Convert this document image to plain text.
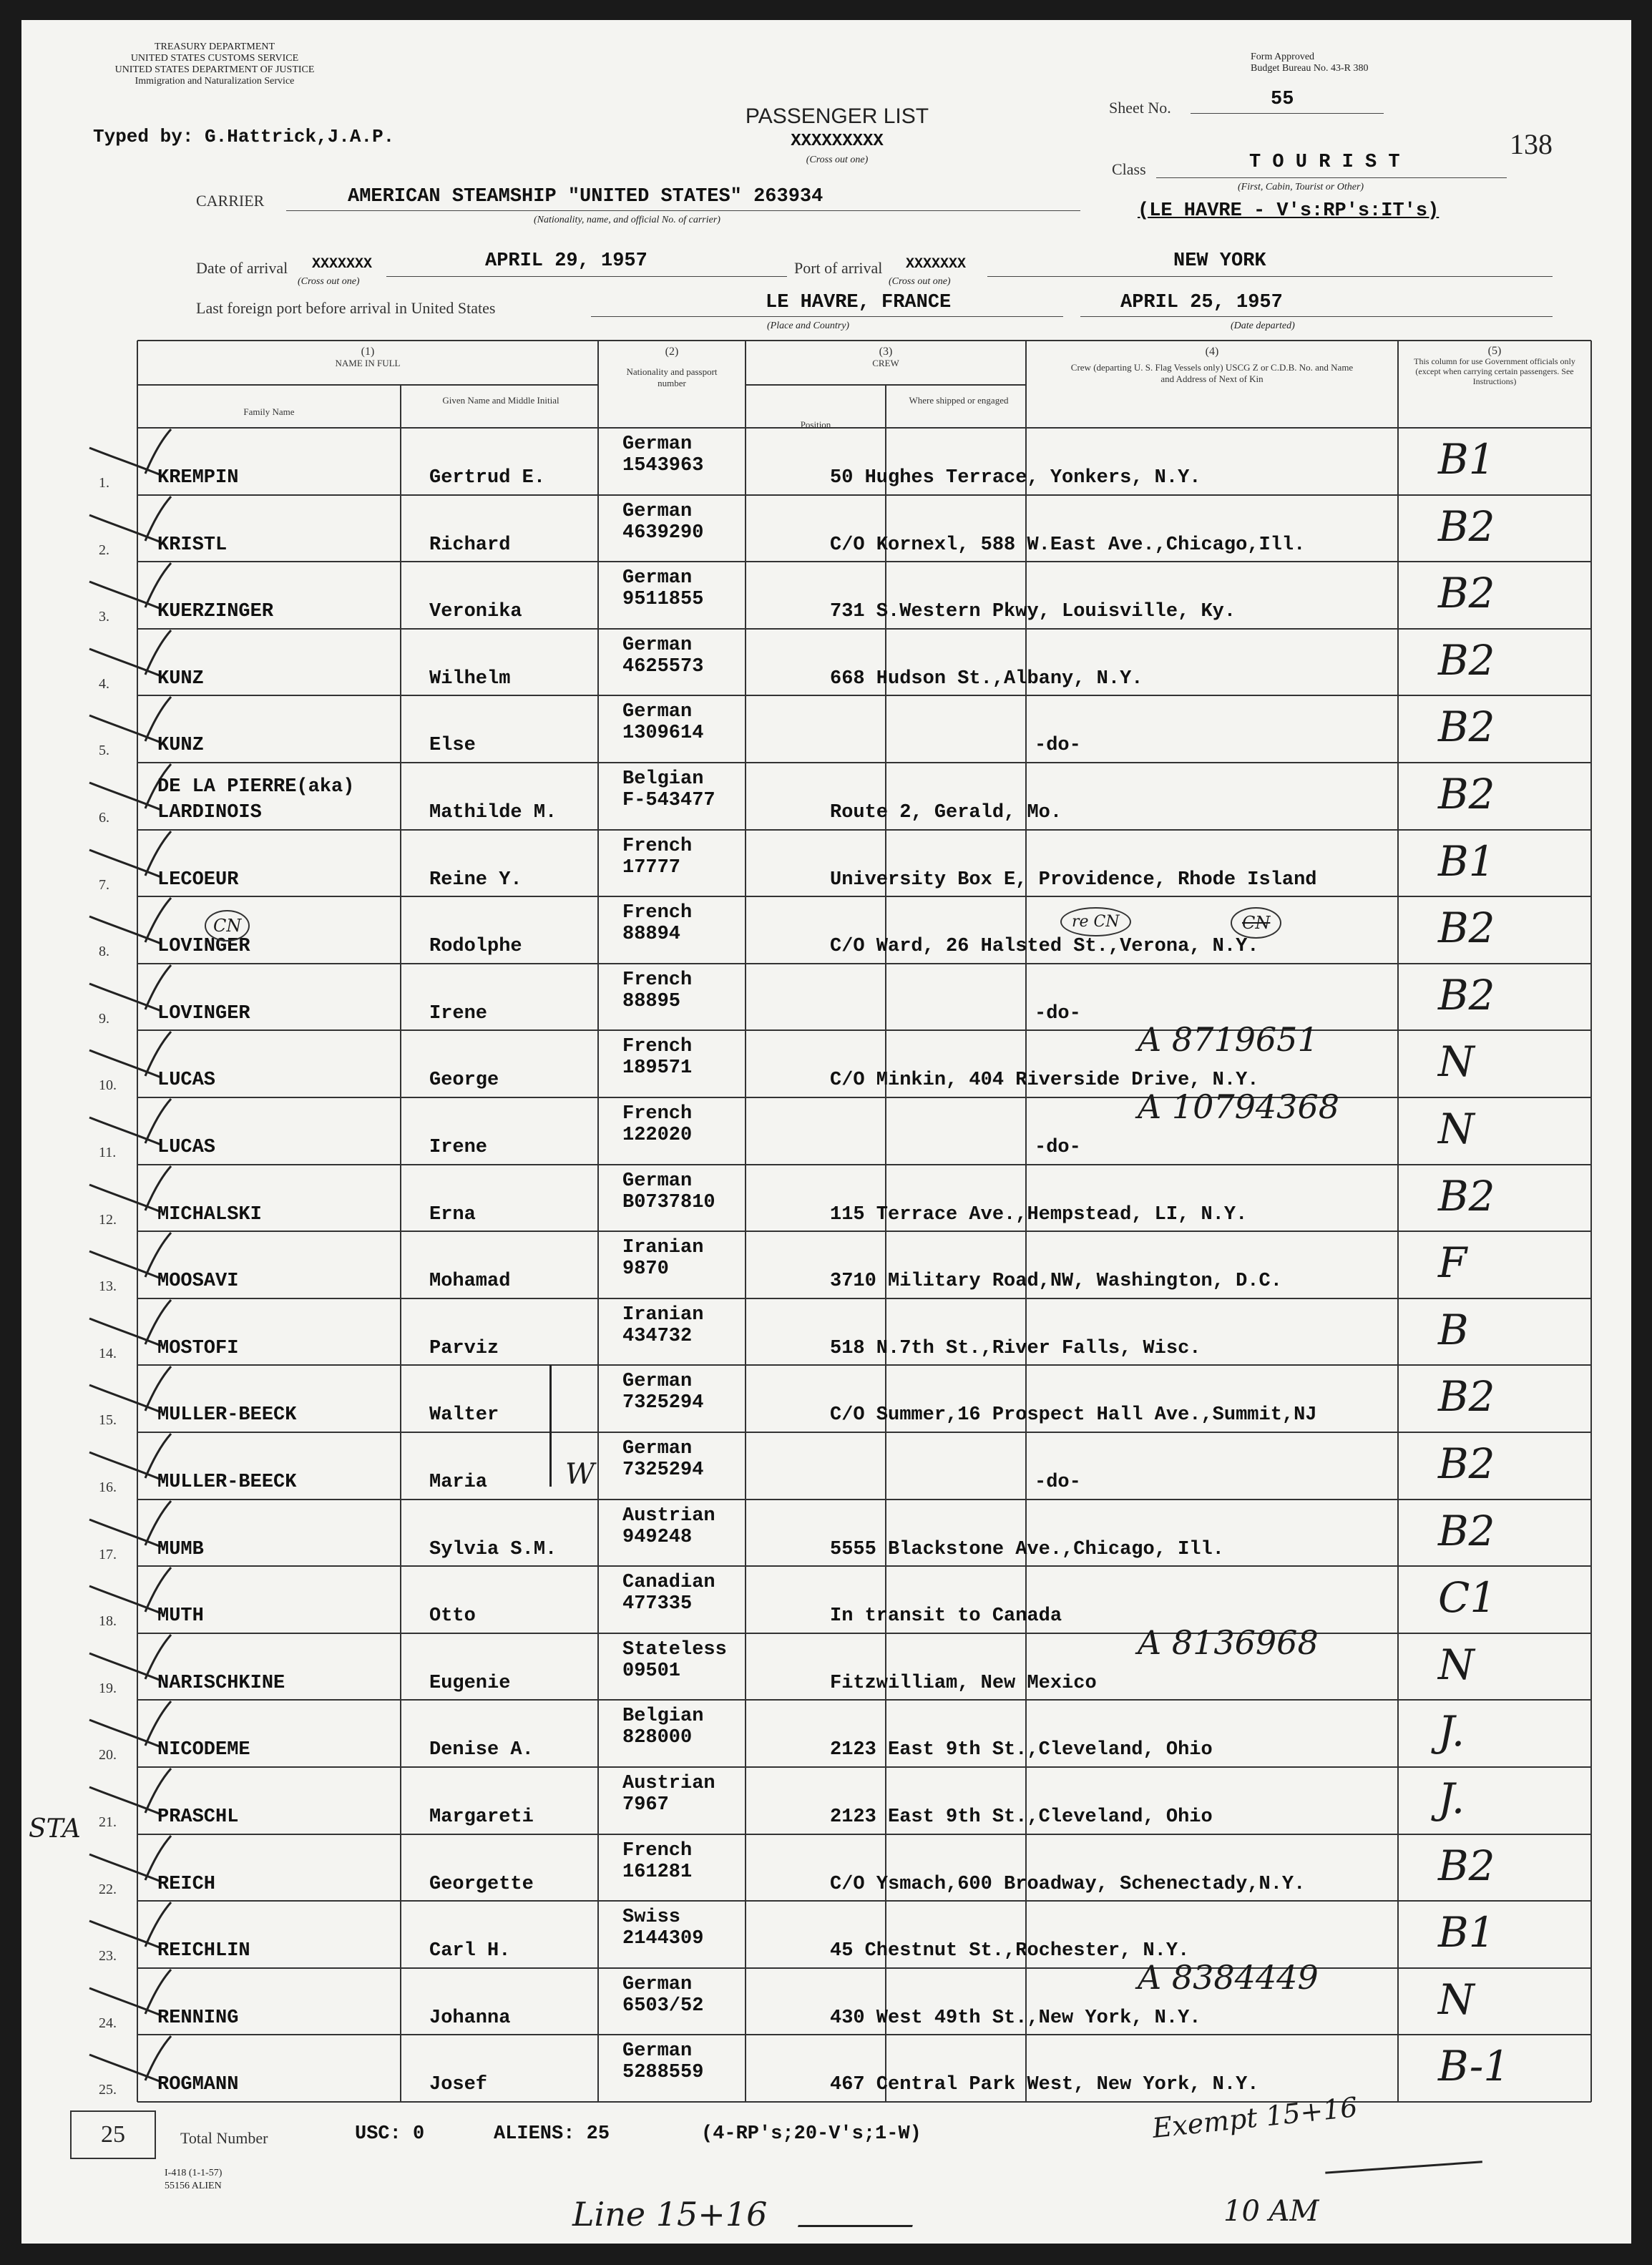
TREASURY DEPARTMENT
UNITED STATES CUSTOMS SERVICE
UNITED STATES DEPARTMENT OF JUSTICE
Immigration and Naturalization Service
Typed by: G.Hattrick,J.A.P.
Form Approved
Budget Bureau No. 43-R 380
PASSENGER LIST
XXXXXXXXX
(Cross out one)
Sheet No.	55
138
Class	T O U R I S T
(First, Cabin, Tourist or Other)
(LE HAVRE - V's:RP's:IT's)
CARRIER	AMERICAN STEAMSHIP "UNITED STATES" 263934
(Nationality, name, and official No. of carrier)
Date of arrival XXXXXXX
(Cross out one)
APRIL 29, 1957	Port of arrival XXXXXXX
(Cross out one)
NEW YORK
Last foreign port before arrival in United States	LE HAVRE, FRANCE
(Place and Country)
APRIL 25, 1957
(Date departed)
(1)
NAME IN FULL
Family Name
Given Name and Middle Initial
(2)
Nationality and passport number
(3)
CREW
Position
Where shipped or engaged
(4)
Crew (departing U. S. Flag Vessels only) USCG Z or C.D.B. No. and Name and Address of Next of Kin
(5)
This column for use Government officials only (except when carrying certain passengers. See Instructions)
1. KREMPIN	Gertrud E.
German
1543963
50 Hughes Terrace, Yonkers, N.Y.	B1
2. KRISTL	Richard
German
4639290
C/O Kornexl, 588 W.East Ave.,Chicago,Ill.	B2
3. KUERZINGER	Veronika
German
9511855
731 S.Western Pkwy, Louisville, Ky.	B2
4. KUNZ	Wilhelm
German
4625573
668 Hudson St.,Albany, N.Y.	B2
5. KUNZ	Else
German
1309614
-do-	B2
6.
DE LA PIERRE(aka)
LARDINOIS	Mathilde M.
Belgian
F-543477
Route 2, Gerald, Mo.	B2
7. LECOEUR	Reine Y.
French
17777
University Box E, Providence, Rhode Island	B1
8. LOVINGER	Rodolphe
French
88894
C/O Ward, 26 Halsted St.,Verona, N.Y.	B2
9. LOVINGER	Irene
French
88895
-do-	B2
10. LUCAS	George
French
189571
C/O Minkin, 404 Riverside Drive, N.Y.
A 8719651	N
11. LUCAS	Irene
French
122020
-do-
A 10794368 N
12. MICHALSKI	Erna
German
B0737810
115 Terrace Ave.,Hempstead, LI, N.Y.	B2
13. MOOSAVI	Mohamad
Iranian
9870
3710 Military Road,NW, Washington, D.C.	F
14. MOSTOFI	Parviz
Iranian
434732
518 N.7th St.,River Falls, Wisc.	B
15. MULLER-BEECK	Walter
German
7325294
C/O Summer,16 Prospect Hall Ave.,Summit,NJ	B2
16. MULLER-BEECK	Maria
German
7325294
-do-	B2
17. MUMB	Sylvia S.M.
Austrian
949248
5555 Blackstone Ave.,Chicago, Ill.	B2
18. MUTH	Otto
Canadian
477335
In transit to Canada	C1
19. NARISCHKINE	Eugenie
Stateless
09501
Fitzwilliam, New Mexico
A 8136968	N
20. NICODEME	Denise A.
Belgian
828000
2123 East 9th St.,Cleveland, Ohio	J.
21. PRASCHL	Margareti
Austrian
7967
2123 East 9th St.,Cleveland, Ohio	J.
22. REICH	Georgette
French
161281
C/O Ysmach,600 Broadway, Schenectady,N.Y.	B2
23. REICHLIN	Carl H.
Swiss
2144309
45 Chestnut St.,Rochester, N.Y.	B1
24. RENNING	Johanna
German
6503/52
430 West 49th St.,New York, N.Y.
A 8384449	N
25. ROGMANN	Josef
German
5288559
467 Central Park West, New York, N.Y.	B-1
STA
CN	re CN	CN
W
25	Total Number	USC: 0	ALIENS: 25	(4-RP's;20-V's;1-W)
I-418 (1-1-57)
55156 ALIEN
Line 15+16
Exempt 15+16
10 AM
